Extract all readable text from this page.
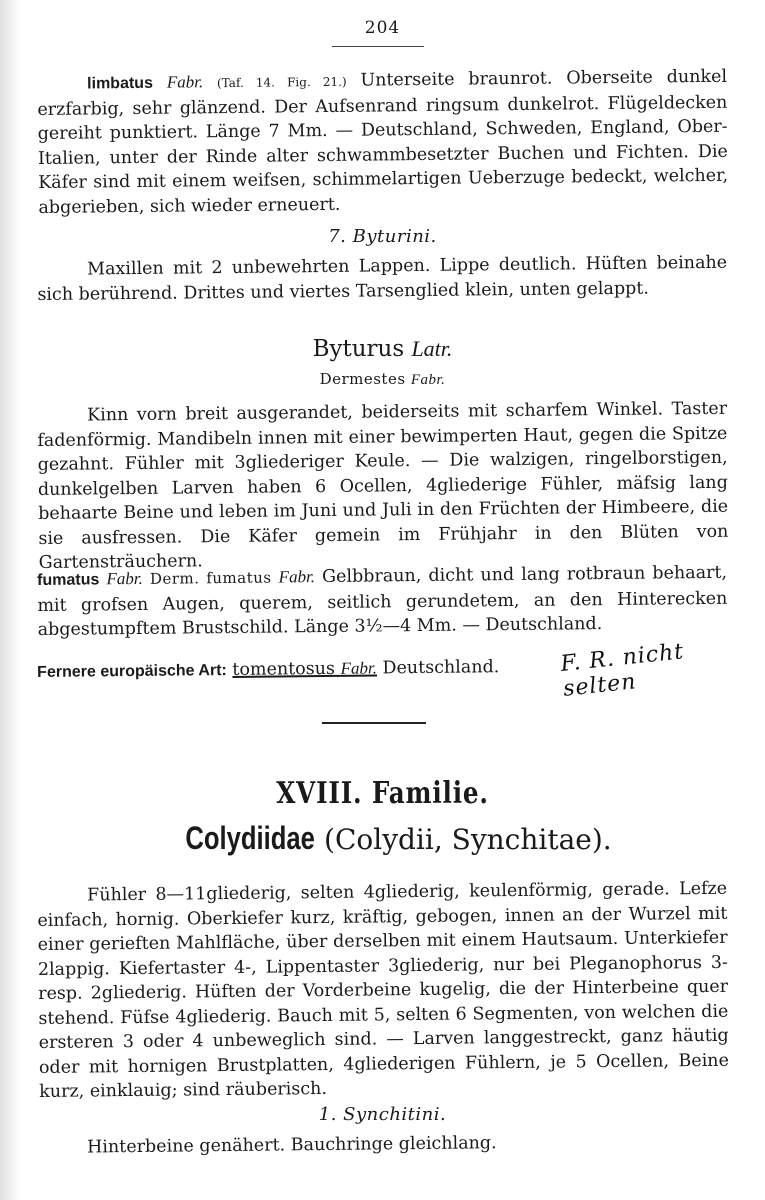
204
limbatus Fabr. (Taf. 14. Fig. 21.) Unterseite braunrot. Oberseite dunkel erzfarbig, sehr glänzend. Der Aufsenrand ringsum dunkelrot. Flügeldecken gereiht punktiert. Länge 7 Mm. — Deutschland, Schweden, England, Ober-Italien, unter der Rinde alter schwammbesetzter Buchen und Fichten. Die Käfer sind mit einem weifsen, schimmelartigen Ueberzuge bedeckt, welcher, abgerieben, sich wieder erneuert.
7. Byturini.
Maxillen mit 2 unbewehrten Lappen. Lippe deutlich. Hüften beinahe sich berührend. Drittes und viertes Tarsenglied klein, unten gelappt.
Byturus Latr.
Dermestes Fabr.
Kinn vorn breit ausgerandet, beiderseits mit scharfem Winkel. Taster fadenförmig. Mandibeln innen mit einer bewimperten Haut, gegen die Spitze gezahnt. Fühler mit 3gliederiger Keule. — Die walzigen, ringelborstigen, dunkelgelben Larven haben 6 Ocellen, 4gliederige Fühler, mäfsig lang behaarte Beine und leben im Juni und Juli in den Früchten der Himbeere, die sie ausfressen. Die Käfer gemein im Frühjahr in den Blüten von Gartensträuchern.
fumatus Fabr. Derm. fumatus Fabr. Gelbbraun, dicht und lang rotbraun behaart, mit grofsen Augen, querem, seitlich gerundetem, an den Hinterecken abgestumpftem Brustschild. Länge 3½—4 Mm. — Deutschland.
Fernere europäische Art: tomentosus Fabr. Deutschland.	F. R. nicht selten
XVIII. Familie.
Colydiidae (Colydii, Synchitae).
Fühler 8—11gliederig, selten 4gliederig, keulenförmig, gerade. Lefze einfach, hornig. Oberkiefer kurz, kräftig, gebogen, innen an der Wurzel mit einer gerieften Mahlfläche, über derselben mit einem Hautsaum. Unterkiefer 2lappig. Kiefertaster 4-, Lippentaster 3gliederig, nur bei Pleganophorus 3- resp. 2gliederig. Hüften der Vorderbeine kugelig, die der Hinterbeine quer stehend. Füfse 4gliederig. Bauch mit 5, selten 6 Segmenten, von welchen die ersteren 3 oder 4 unbeweglich sind. — Larven langgestreckt, ganz häutig oder mit hornigen Brustplatten, 4gliederigen Fühlern, je 5 Ocellen, Beine kurz, einklauig; sind räuberisch.
1. Synchitini.
Hinterbeine genähert. Bauchringe gleichlang.
